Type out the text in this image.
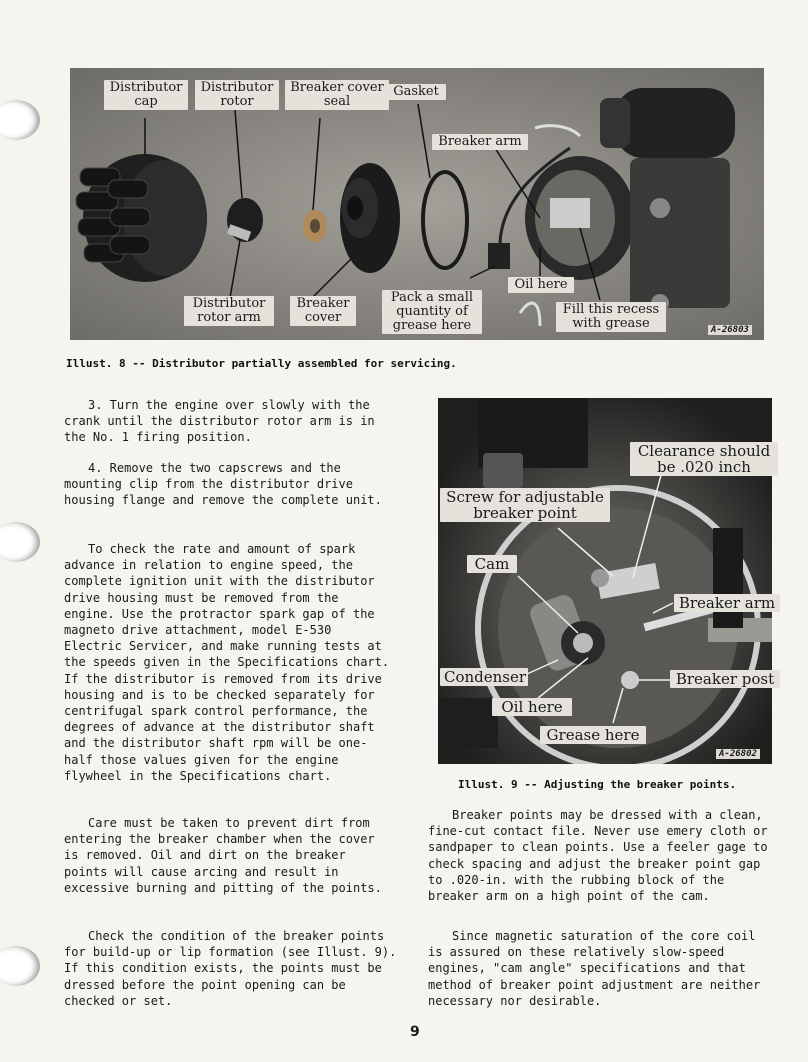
Distributor
cap
Distributor
rotor
Breaker cover
seal
Gasket
Breaker arm
Distributor
rotor arm
Breaker
cover
Pack a small
quantity of
grease here
Oil here
Fill this recess
with grease	A-26803
Illust. 8 -- Distributor partially assembled for servicing.
Clearance should
be .020 inch
Screw for adjustable
breaker point
Cam
Breaker arm
Condenser	Breaker post
Oil here
Grease here
A-26802
Illust. 9 -- Adjusting the breaker points.

3. Turn the engine over slowly with the crank until the distributor rotor arm is in the No. 1 firing position.

4. Remove the two capscrews and the mounting clip from the distributor drive housing flange and remove the complete unit.

To check the rate and amount of spark advance in relation to engine speed, the complete ignition unit with the distributor drive housing must be removed from the engine. Use the protractor spark gap of the magneto drive attachment, model E-530 Electric Servicer, and make running tests at the speeds given in the Specifications chart. If the distributor is removed from its drive housing and is to be checked separately for centrifugal spark control performance, the degrees of advance at the distributor shaft and the distributor shaft rpm will be one-half those values given for the engine flywheel in the Specifications chart.

Care must be taken to prevent dirt from entering the breaker chamber when the cover is removed. Oil and dirt on the breaker points will cause arcing and result in excessive burning and pitting of the points.

Check the condition of the breaker points for build-up or lip formation (see Illust. 9). If this condition exists, the points must be dressed before the point opening can be checked or set.

Breaker points may be dressed with a clean, fine-cut contact file. Never use emery cloth or sandpaper to clean points. Use a feeler gage to check spacing and adjust the breaker point gap to .020-in. with the rubbing block of the breaker arm on a high point of the cam.

Since magnetic saturation of the core coil is assured on these relatively slow-speed engines, "cam angle" specifications and that method of breaker point adjustment are neither necessary nor desirable.

9
